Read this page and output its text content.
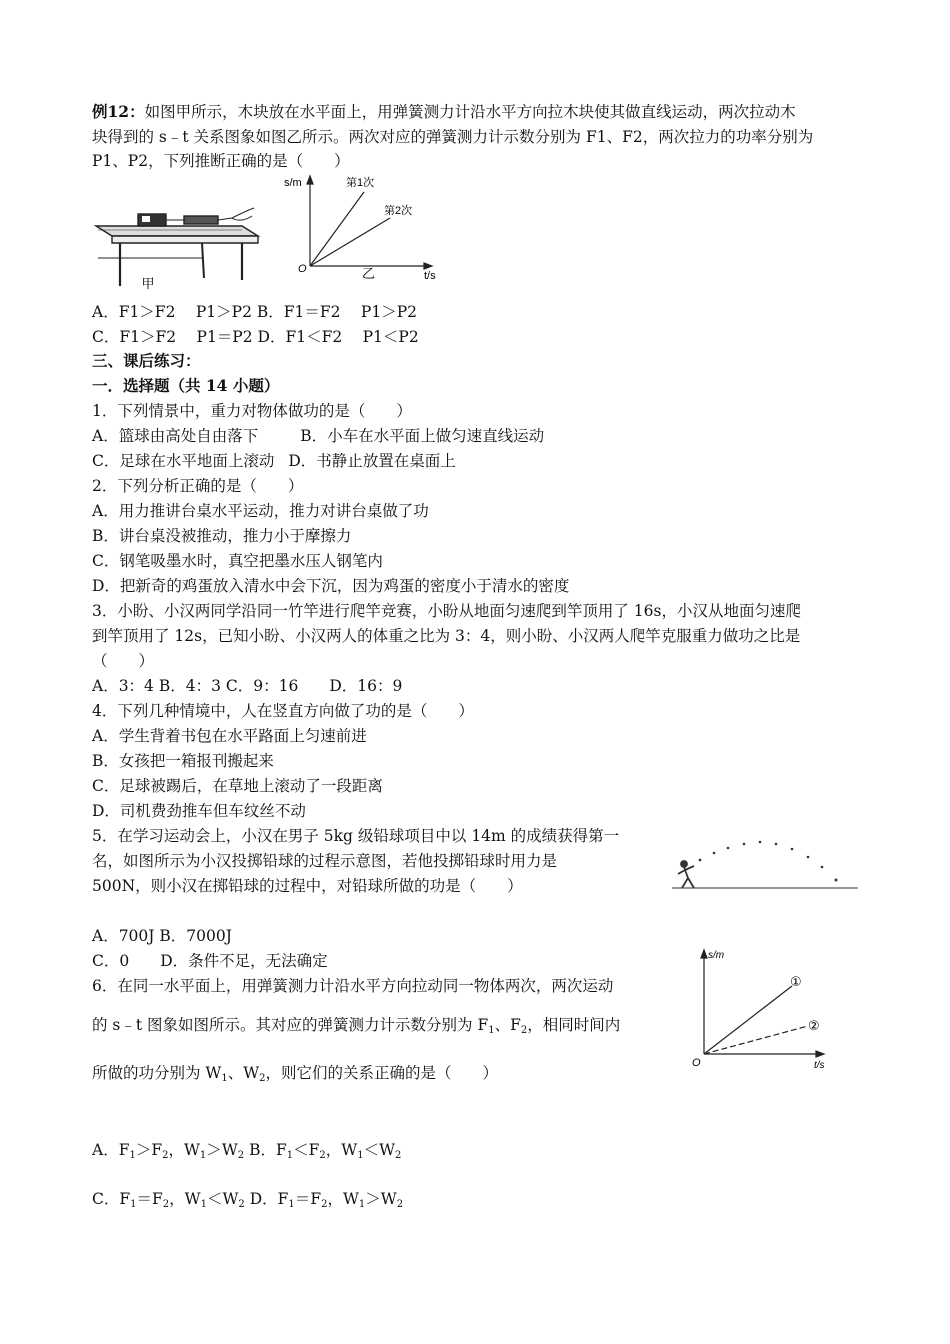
例12：如图甲所示，木块放在水平面上，用弹簧测力计沿水平方向拉木块使其做直线运动，两次拉动木
块得到的 s﹣t 关系图象如图乙所示。两次对应的弹簧测力计示数分别为 F1、F2，两次拉力的功率分别为
P1、P2，下列推断正确的是（　　）
甲
s/m
t/s
O	乙
第1次
第2次
A．F1＞F2　 P1＞P2 B．F1＝F2　 P1＞P2
C．F1＞F2　 P1＝P2 D．F1＜F2　 P1＜P2
三、课后练习：
一．选择题（共 14 小题）
1．下列情景中，重力对物体做功的是（　　）
A．篮球由高处自由落下	B．小车在水平面上做匀速直线运动
C．足球在水平地面上滚动 D．书静止放置在桌面上
2．下列分析正确的是（　　）
A．用力推讲台桌水平运动，推力对讲台桌做了功
B．讲台桌没被推动，推力小于摩擦力
C．钢笔吸墨水时，真空把墨水压人钢笔内
D．把新奇的鸡蛋放入清水中会下沉，因为鸡蛋的密度小于清水的密度
3．小盼、小汉两同学沿同一竹竿进行爬竿竞赛，小盼从地面匀速爬到竿顶用了 16s，小汉从地面匀速爬
到竿顶用了 12s，已知小盼、小汉两人的体重之比为 3：4，则小盼、小汉两人爬竿克服重力做功之比是
（　　）
A．3：4 B．4：3 C．9：16　　D．16：9
4．下列几种情境中，人在竖直方向做了功的是（　　）
A．学生背着书包在水平路面上匀速前进
B．女孩把一箱报刊搬起来
C．足球被踢后，在草地上滚动了一段距离
D．司机费劲推车但车纹丝不动
5．在学习运动会上，小汉在男子 5kg 级铅球项目中以 14m 的成绩获得第一
名，如图所示为小汉投掷铅球的过程示意图，若他投掷铅球时用力是
500N，则小汉在掷铅球的过程中，对铅球所做的功是（　　）
A．700J B．7000J
C．0　　D．条件不足，无法确定
6．在同一水平面上，用弹簧测力计沿水平方向拉动同一物体两次，两次运动
的 s﹣t 图象如图所示。其对应的弹簧测力计示数分别为 $F_1$、$F_2$，相同时间内
所做的功分别为 $W_1$、$W_2$，则它们的关系正确的是（　　）
s/m
t/s
O
①
②
A．$F_1>F_2$，$W_1>W_2$ B．$F_1<F_2$，$W_1<W_2$
C．$F_1=F_2$，$W_1<W_2$ D．$F_1=F_2$，$W_1>W_2$
